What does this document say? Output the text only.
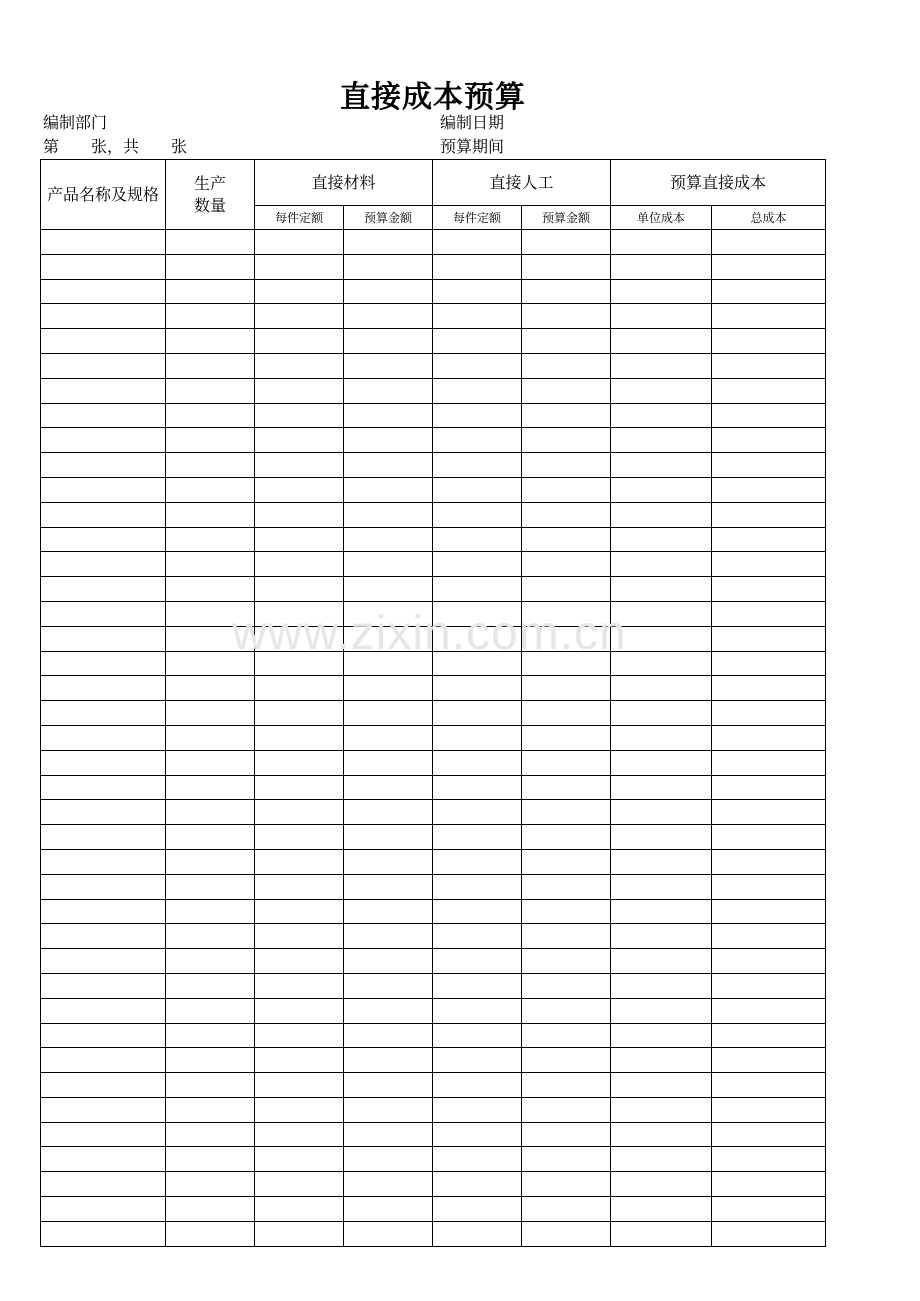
直接成本预算
编制部门
第　　张，共　　张
编制日期
预算期间
产品名称及规格	生产数量	直接材料		直接人工		预算直接成本	
		每件定额	预算金额	每件定额	预算金额	单位成本	总成本

www.zixin.com.cn
